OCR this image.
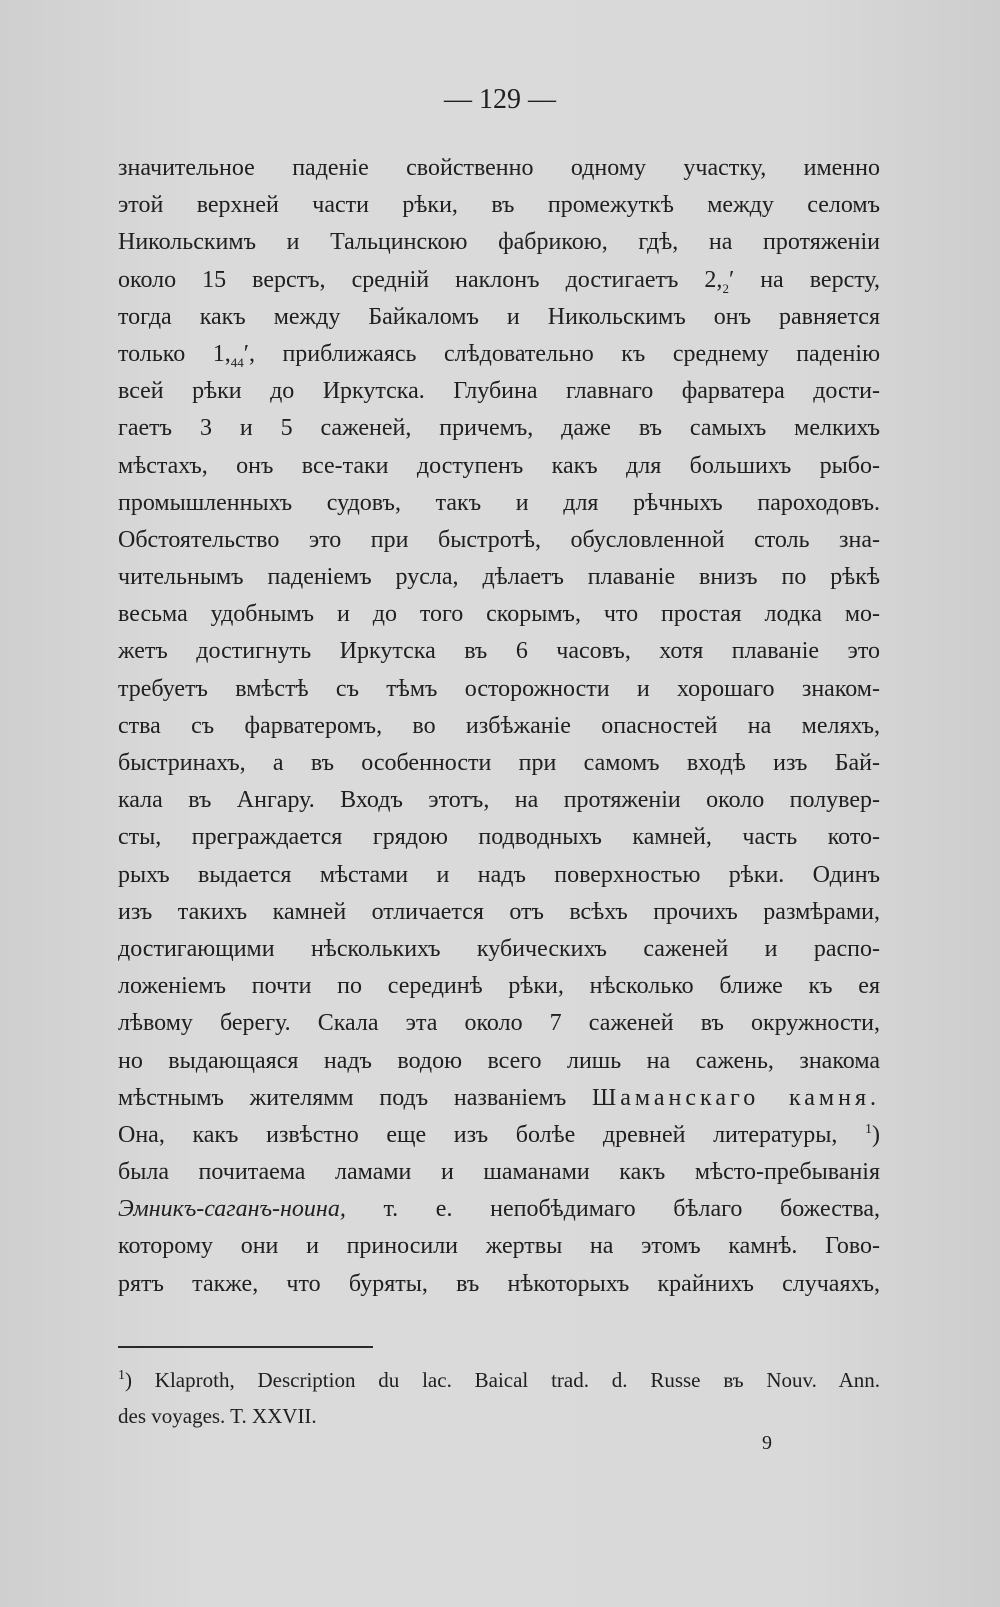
— 129 —
значительное паденіе свойственно одному участку, именно
этой верхней части рѣки, въ промежуткѣ между селомъ
Никольскимъ и Тальцинскою фабрикою, гдѣ, на протяженіи
около 15 верстъ, средній наклонъ достигаетъ $2,_2'$ на версту,
тогда какъ между Байкаломъ и Никольскимъ онъ равняется
только $1,_{44}'$, приближаясь слѣдовательно къ среднему паденію
всей рѣки до Иркутска. Глубина главнаго фарватера дости-
гаетъ 3 и 5 саженей, причемъ, даже въ самыхъ мелкихъ
мѣстахъ, онъ все-таки доступенъ какъ для большихъ рыбо-
промышленныхъ судовъ, такъ и для рѣчныхъ пароходовъ.
Обстоятельство это при быстротѣ, обусловленной столь зна-
чительнымъ паденіемъ русла, дѣлаетъ плаваніе внизъ по рѣкѣ
весьма удобнымъ и до того скорымъ, что простая лодка мо-
жетъ достигнуть Иркутска въ 6 часовъ, хотя плаваніе это
требуетъ вмѣстѣ съ тѣмъ осторожности и хорошаго знаком-
ства съ фарватеромъ, во избѣжаніе опасностей на меляхъ,
быстринахъ, а въ особенности при самомъ входѣ изъ Бай-
кала въ Ангару. Входъ этотъ, на протяженіи около полувер-
сты, преграждается грядою подводныхъ камней, часть кото-
рыхъ выдается мѣстами и надъ поверхностью рѣки. Одинъ
изъ такихъ камней отличается отъ всѣхъ прочихъ размѣрами,
достигающими нѣсколькихъ кубическихъ саженей и распо-
ложеніемъ почти по серединѣ рѣки, нѣсколько ближе къ ея
лѣвому берегу. Скала эта около 7 саженей въ окружности,
но выдающаяся надъ водою всего лишь на сажень, знакома
мѣстнымъ жителямм подъ названіемъ Шаманскаго камня.
Она, какъ извѣстно еще изъ болѣе древней литературы, $^1$)
была почитаема ламами и шаманами какъ мѣсто-пребыванія
Эмникъ-саганъ-ноина, т. е. непобѣдимаго бѣлаго божества,
которому они и приносили жертвы на этомъ камнѣ. Гово-
рятъ также, что буряты, въ нѣкоторыхъ крайнихъ случаяхъ,
$^1$) Klaproth, Description du lac. Baical trad. d. Russe въ Nouv. Ann.
des voyages. T. XXVII.
9
